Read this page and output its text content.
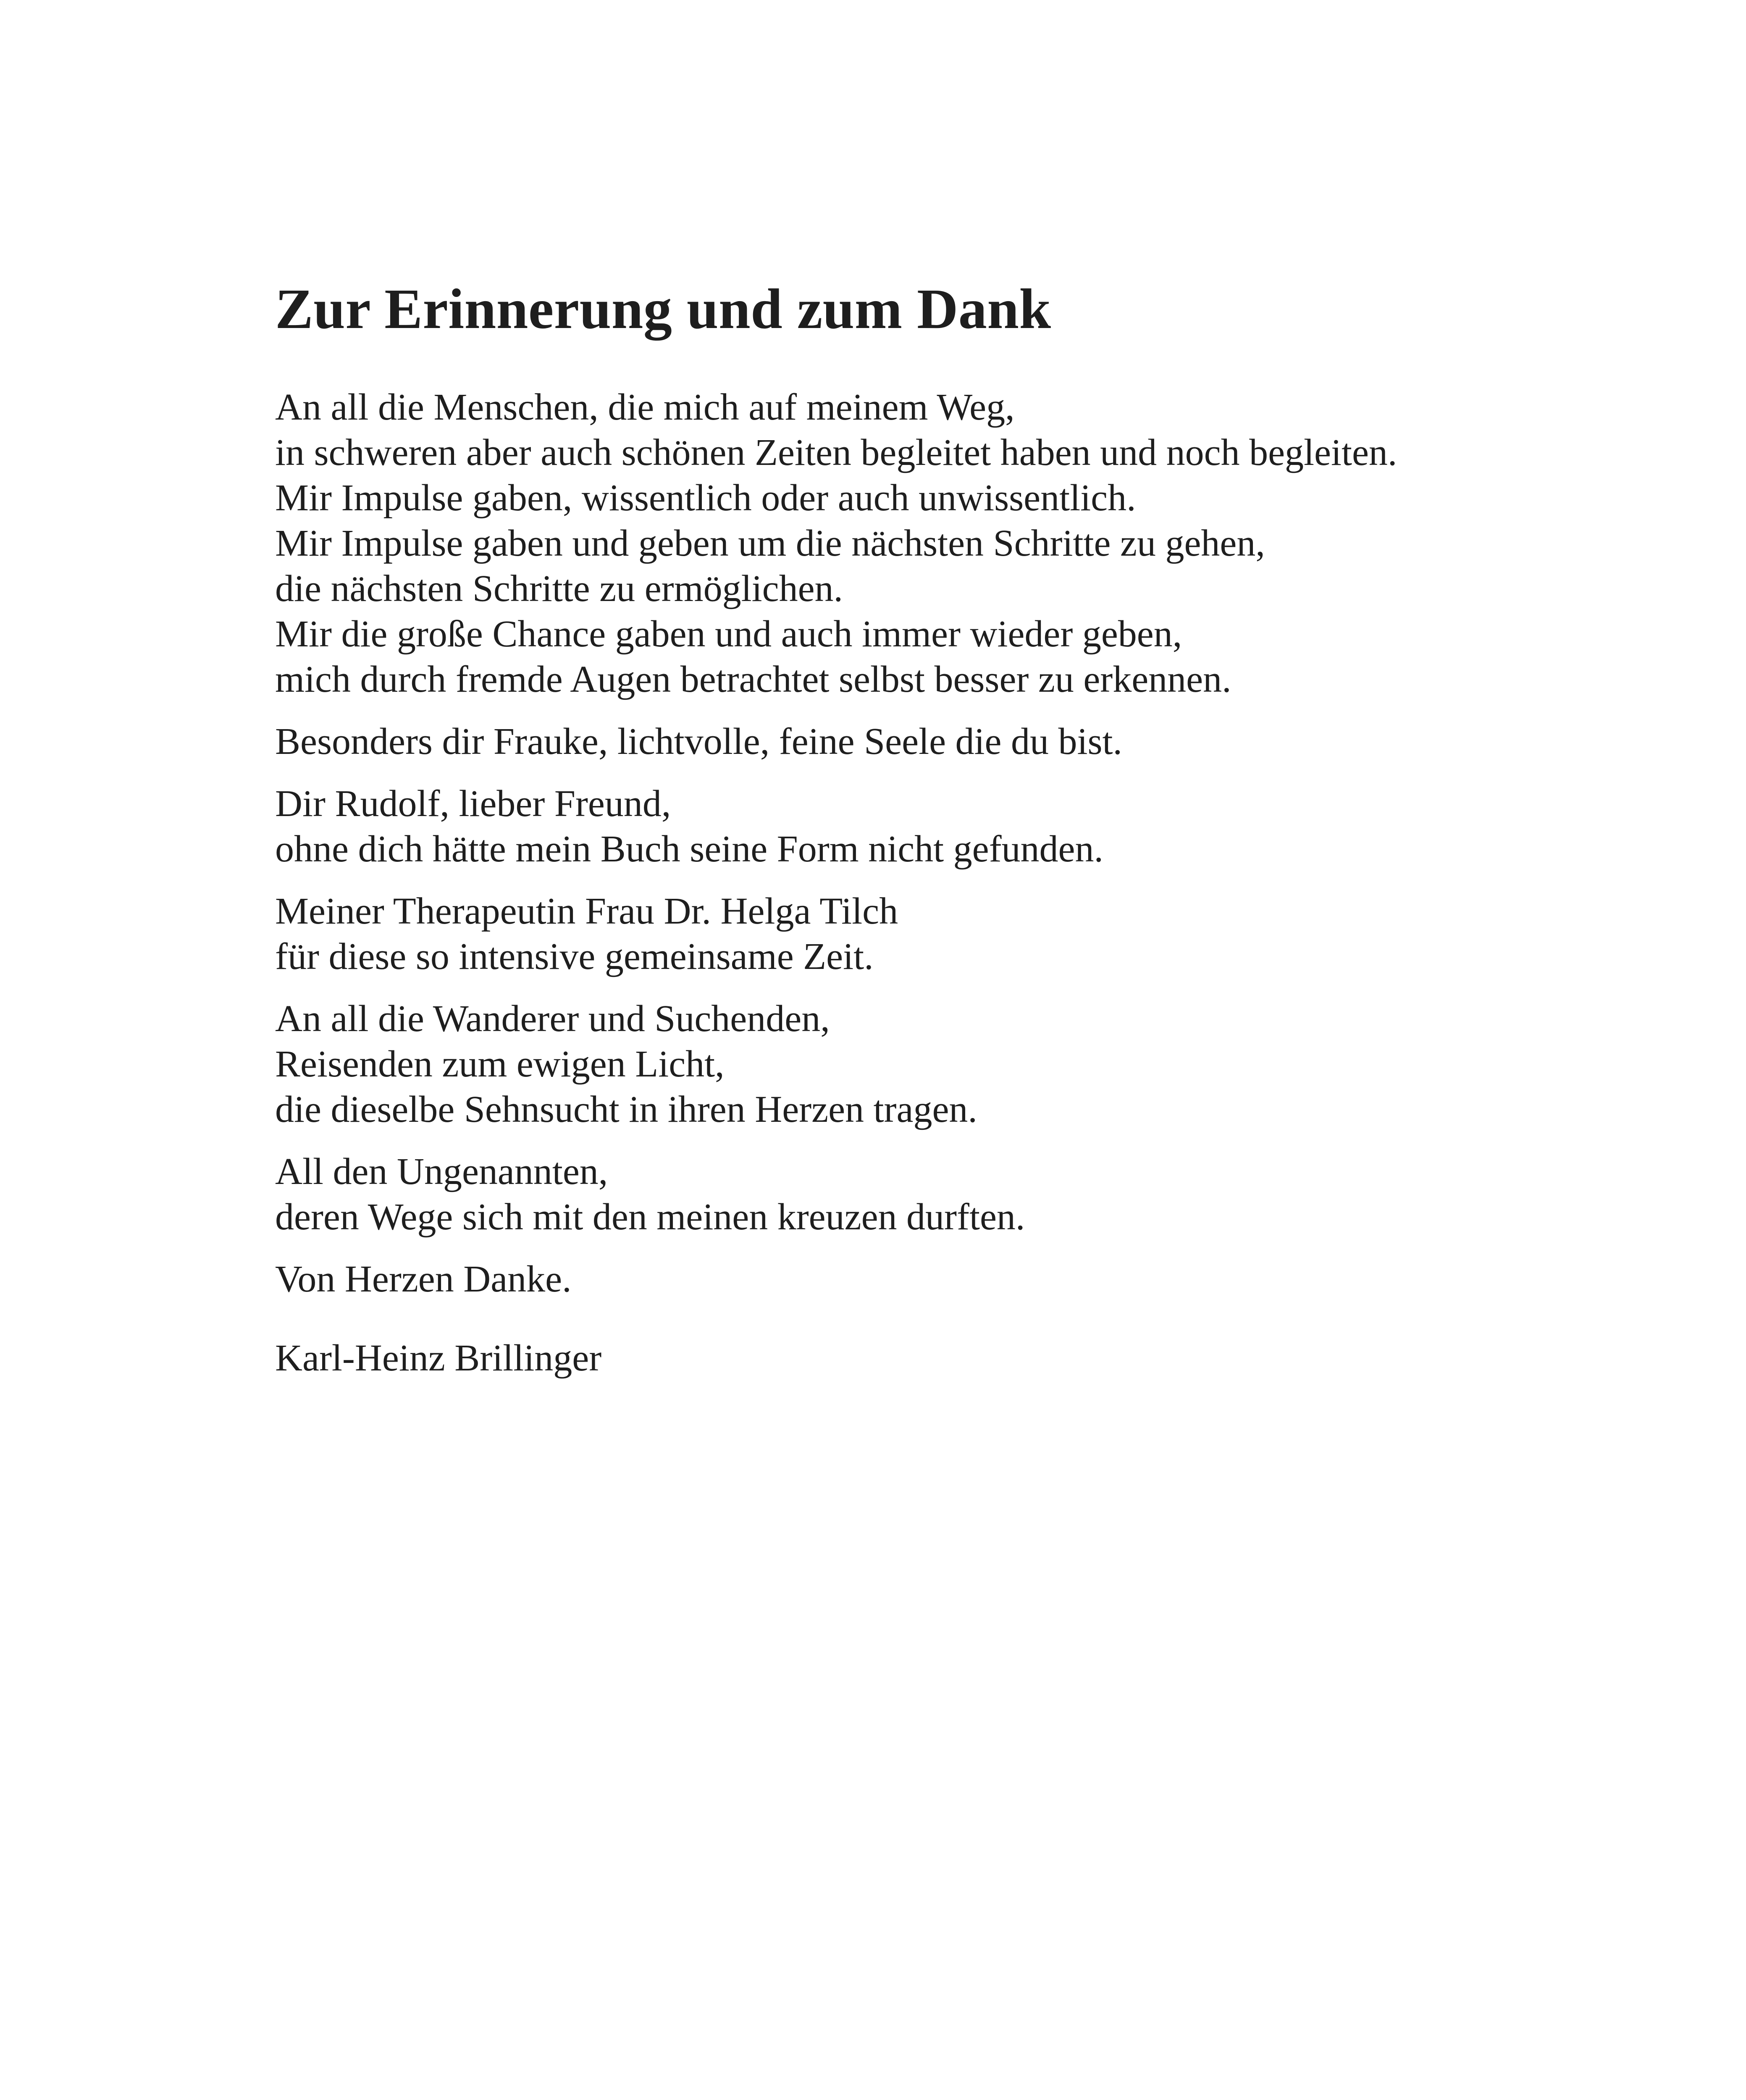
Zur Erinnerung und zum Dank

An all die Menschen, die mich auf meinem Weg,
in schweren aber auch schönen Zeiten begleitet haben und noch begleiten.
Mir Impulse gaben, wissentlich oder auch unwissentlich.
Mir Impulse gaben und geben um die nächsten Schritte zu gehen,
die nächsten Schritte zu ermöglichen.
Mir die große Chance gaben und auch immer wieder geben,
mich durch fremde Augen betrachtet selbst besser zu erkennen.

Besonders dir Frauke, lichtvolle, feine Seele die du bist.

Dir Rudolf, lieber Freund,
ohne dich hätte mein Buch seine Form nicht gefunden.

Meiner Therapeutin Frau Dr. Helga Tilch
für diese so intensive gemeinsame Zeit.

An all die Wanderer und Suchenden,
Reisenden zum ewigen Licht,
die dieselbe Sehnsucht in ihren Herzen tragen.

All den Ungenannten,
deren Wege sich mit den meinen kreuzen durften.

Von Herzen Danke.

Karl-Heinz Brillinger
